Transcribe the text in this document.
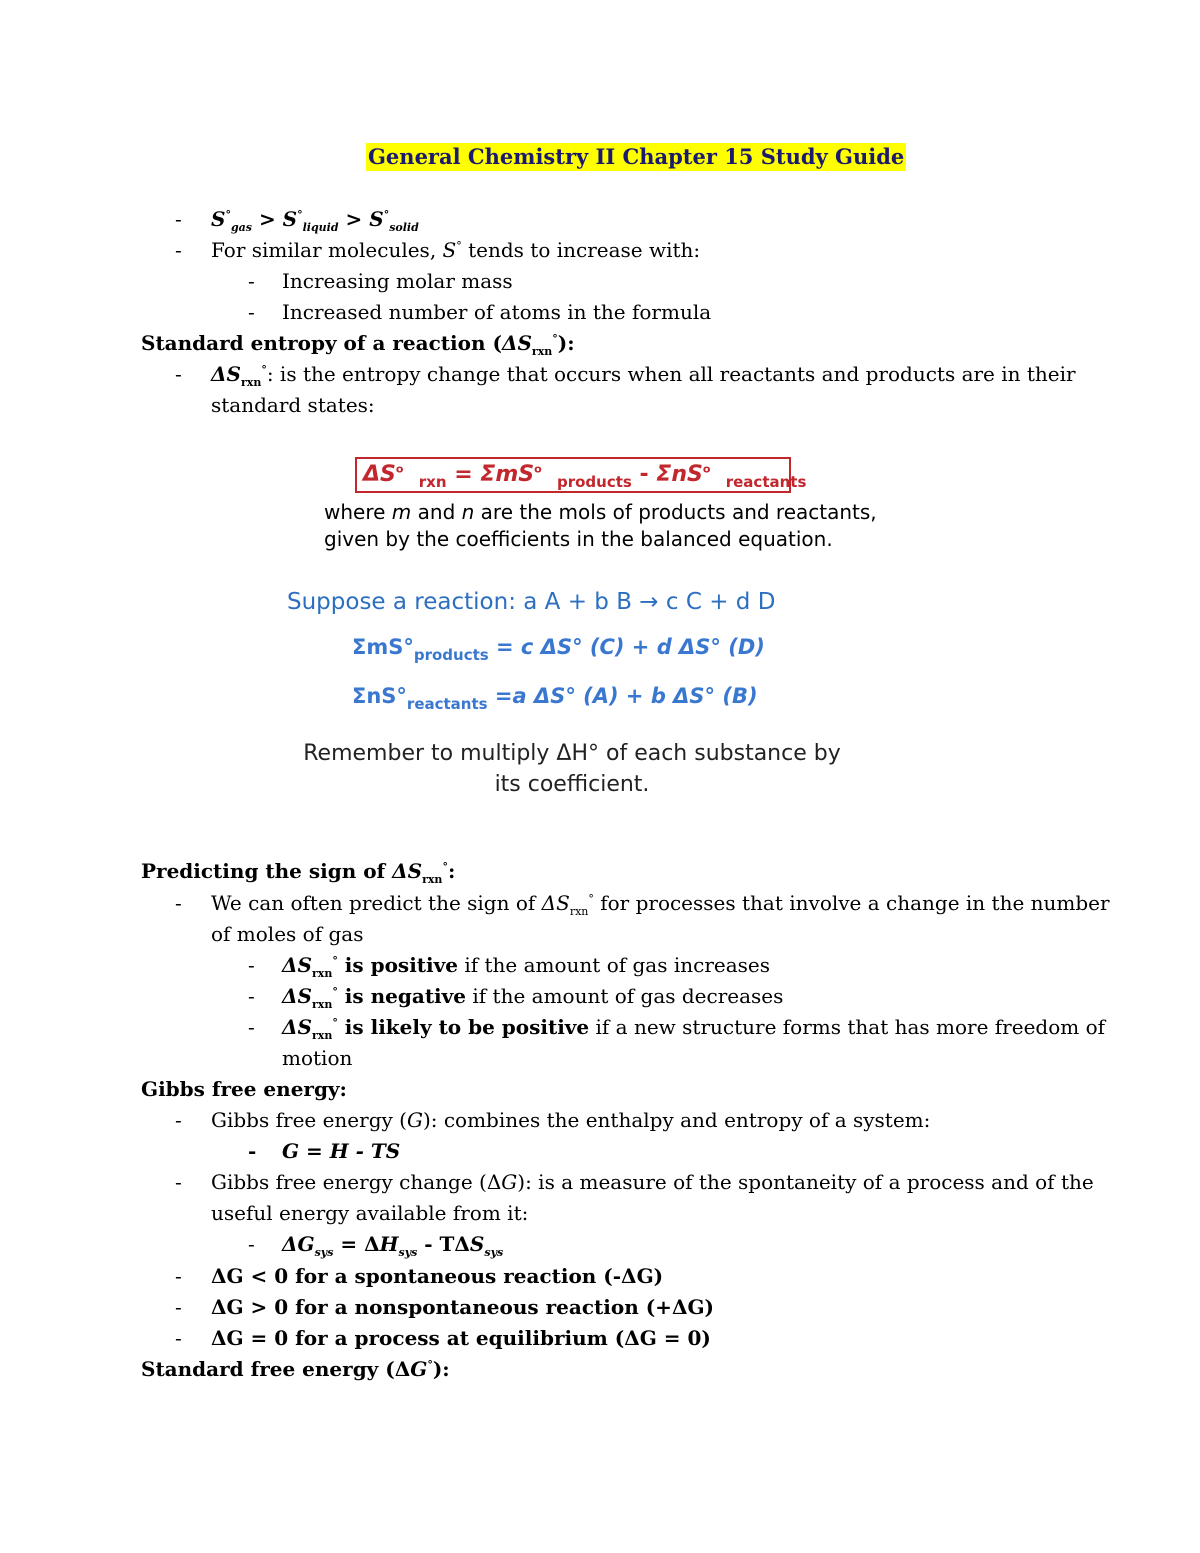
General Chemistry II Chapter 15 Study Guide
- $S^\circ_{gas} > S^\circ_{liquid} > S^\circ_{solid}$
- For similar molecules, S° tends to increase with:
- Increasing molar mass
- Increased number of atoms in the formula
Standard entropy of a reaction $(\Delta S_{rxn}^\circ)$:
- $\Delta S_{rxn}^\circ$: is the entropy change that occurs when all reactants and products are in their
standard states:
$\Delta S^o$  $_{rxn}$ = ΣmS$^o$  $_{products}$ - ΣnS$^o$  $_{reactants}$
where m and n are the mols of products and reactants,
given by the coefficients in the balanced equation.
Suppose a reaction: a A + b B → c C + d D
$\Sigma mS^\circ_{products} = c$ ΔS° (C) + d ΔS° (D)
$\Sigma nS^\circ_{reactants} =a$ ΔS° (A) + b ΔS° (B)
Remember to multiply ΔH° of each substance by
its coefficient.
Predicting the sign of $\Delta S_{rxn}^\circ$:
- We can often predict the sign of $\Delta S_{rxn}^\circ$ for processes that involve a change in the number
of moles of gas
- $\Delta S_{rxn}^\circ$ is positive if the amount of gas increases
- $\Delta S_{rxn}^\circ$ is negative if the amount of gas decreases
- $\Delta S_{rxn}^\circ$ is likely to be positive if a new structure forms that has more freedom of
motion
Gibbs free energy:
- Gibbs free energy (G): combines the enthalpy and entropy of a system:
- G = H - TS
- Gibbs free energy change (ΔG): is a measure of the spontaneity of a process and of the
useful energy available from it:
- $\Delta G_{sys} = \Delta H_{sys} - T\Delta S_{sys}$
- ΔG < 0 for a spontaneous reaction (-ΔG)
- ΔG > 0 for a nonspontaneous reaction (+ΔG)
- ΔG = 0 for a process at equilibrium (ΔG = 0)
Standard free energy (ΔG°):
